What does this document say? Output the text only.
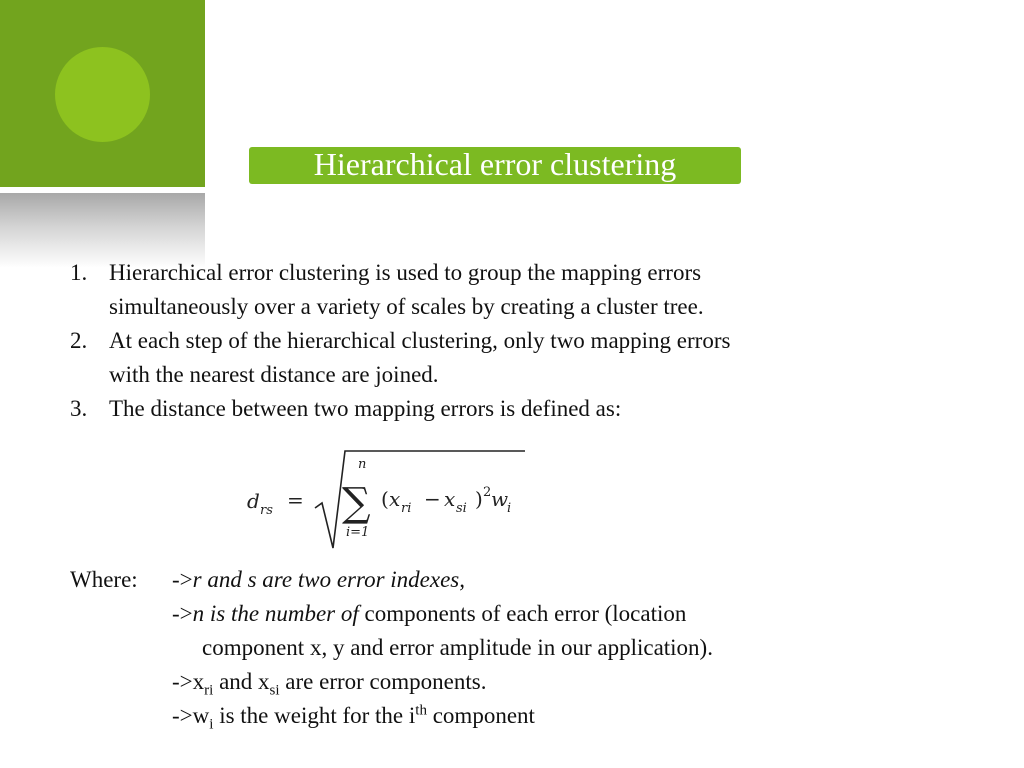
Hierarchical error clustering
1. Hierarchical error clustering is used to group the mapping errors
simultaneously over a variety of scales by creating a cluster tree.
2. At each step of the hierarchical clustering, only two mapping errors
with the nearest distance are joined.
3. The distance between two mapping errors is defined as:
d rs =
n
∑
i=1
( x ri − x si ) 2 w
i
Where: ->r and s are two error indexes,
->n is the number of components of each error (location
component x, y and error amplitude in our application).
$->x_{ri}$ and $x_{si}$ are error components.
$->w_i$ is the weight for the $i^{th}$ component
